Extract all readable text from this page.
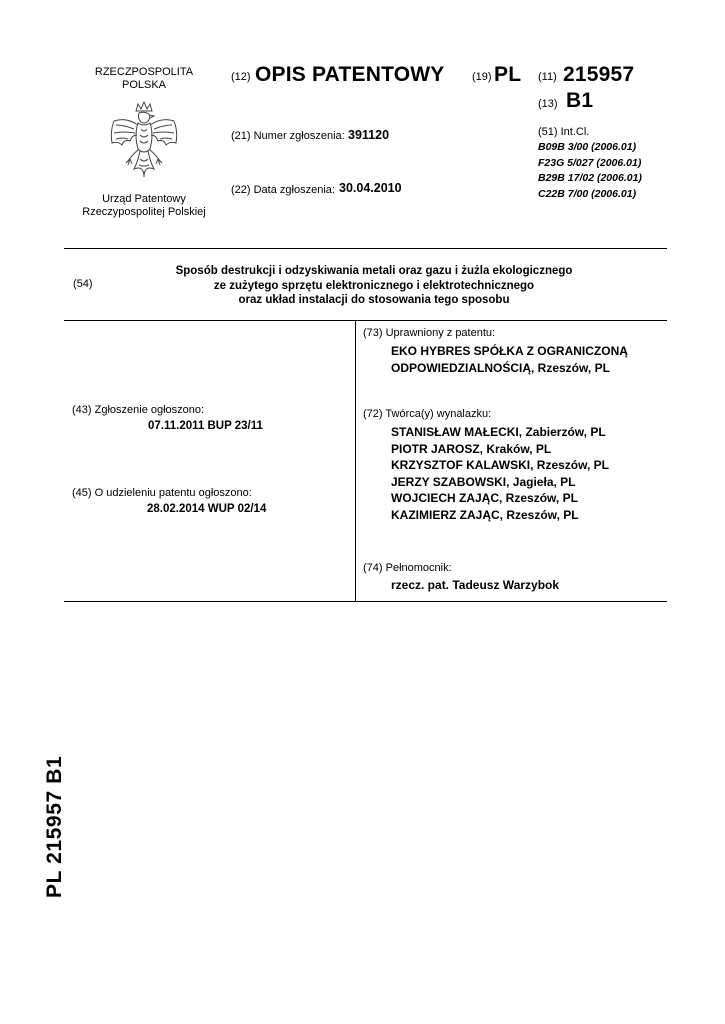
RZECZPOSPOLITA
POLSKA
Urząd Patentowy
Rzeczypospolitej Polskiej
(12) OPIS PATENTOWY	(19) PL (11) 215957
(13) B1
(21) Numer zgłoszenia: 391120
(22) Data zgłoszenia: 30.04.2010
(51) Int.Cl.
B09B 3/00 (2006.01)
F23G 5/027 (2006.01)
B29B 17/02 (2006.01)
C22B 7/00 (2006.01)
(54)
Sposób destrukcji i odzyskiwania metali oraz gazu i żużla ekologicznego
ze zużytego sprzętu elektronicznego i elektrotechnicznego
oraz układ instalacji do stosowania tego sposobu
(43) Zgłoszenie ogłoszono:
07.11.2011 BUP 23/11
(45) O udzieleniu patentu ogłoszono:
28.02.2014 WUP 02/14
(73) Uprawniony z patentu:
EKO HYBRES SPÓŁKA Z OGRANICZONĄ
ODPOWIEDZIALNOŚCIĄ, Rzeszów, PL
(72) Twórca(y) wynalazku:
STANISŁAW MAŁECKI, Zabierzów, PL
PIOTR JAROSZ, Kraków, PL
KRZYSZTOF KALAWSKI, Rzeszów, PL
JERZY SZABOWSKI, Jagieła, PL
WOJCIECH ZAJĄC, Rzeszów, PL
KAZIMIERZ ZAJĄC, Rzeszów, PL
(74) Pełnomocnik:
rzecz. pat. Tadeusz Warzybok
PL 215957 B1
